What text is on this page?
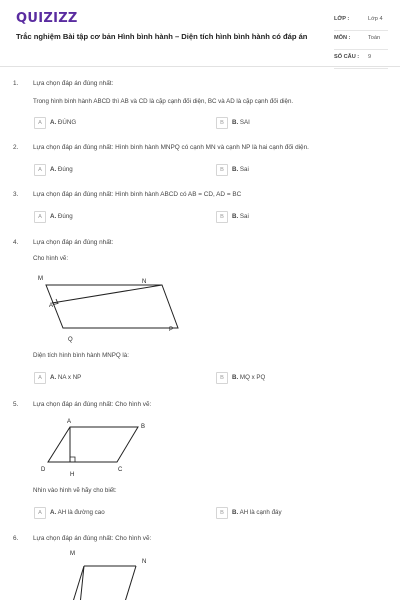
QUIZIZZ
Trắc nghiệm Bài tập cơ bản Hình bình hành – Diện tích hình bình hành có đáp án
LỚP :	Lớp 4
MÔN :	Toán
SỐ CÂU : 9
1. Lựa chọn đáp án đúng nhất:
Trong hình bình hành ABCD thì AB và CD là cặp cạnh đối diện, BC và AD là cặp cạnh đối diện.
A	A. ĐÚNG	B	B. SAI
2. Lựa chọn đáp án đúng nhất: Hình bình hành MNPQ có cạnh MN và cạnh NP là hai cạnh đối diện.
A	A. Đúng	B	B. Sai
3. Lựa chọn đáp án đúng nhất: Hình bình hành ABCD có AB = CD, AD = BC
A	A. Đúng	B	B. Sai
4. Lựa chọn đáp án đúng nhất:
Cho hình vẽ:
M	N
A
P
Q
Diện tích hình bình hành MNPQ là:
A	A. NA x NP	B	B. MQ x PQ
5. Lựa chọn đáp án đúng nhất: Cho hình vẽ:
A
B
D	C
H
Nhìn vào hình vẽ hãy cho biết:
A	A. AH là đường cao	B	B. AH là cạnh đáy
6. Lựa chọn đáp án đúng nhất: Cho hình vẽ:
M
N
